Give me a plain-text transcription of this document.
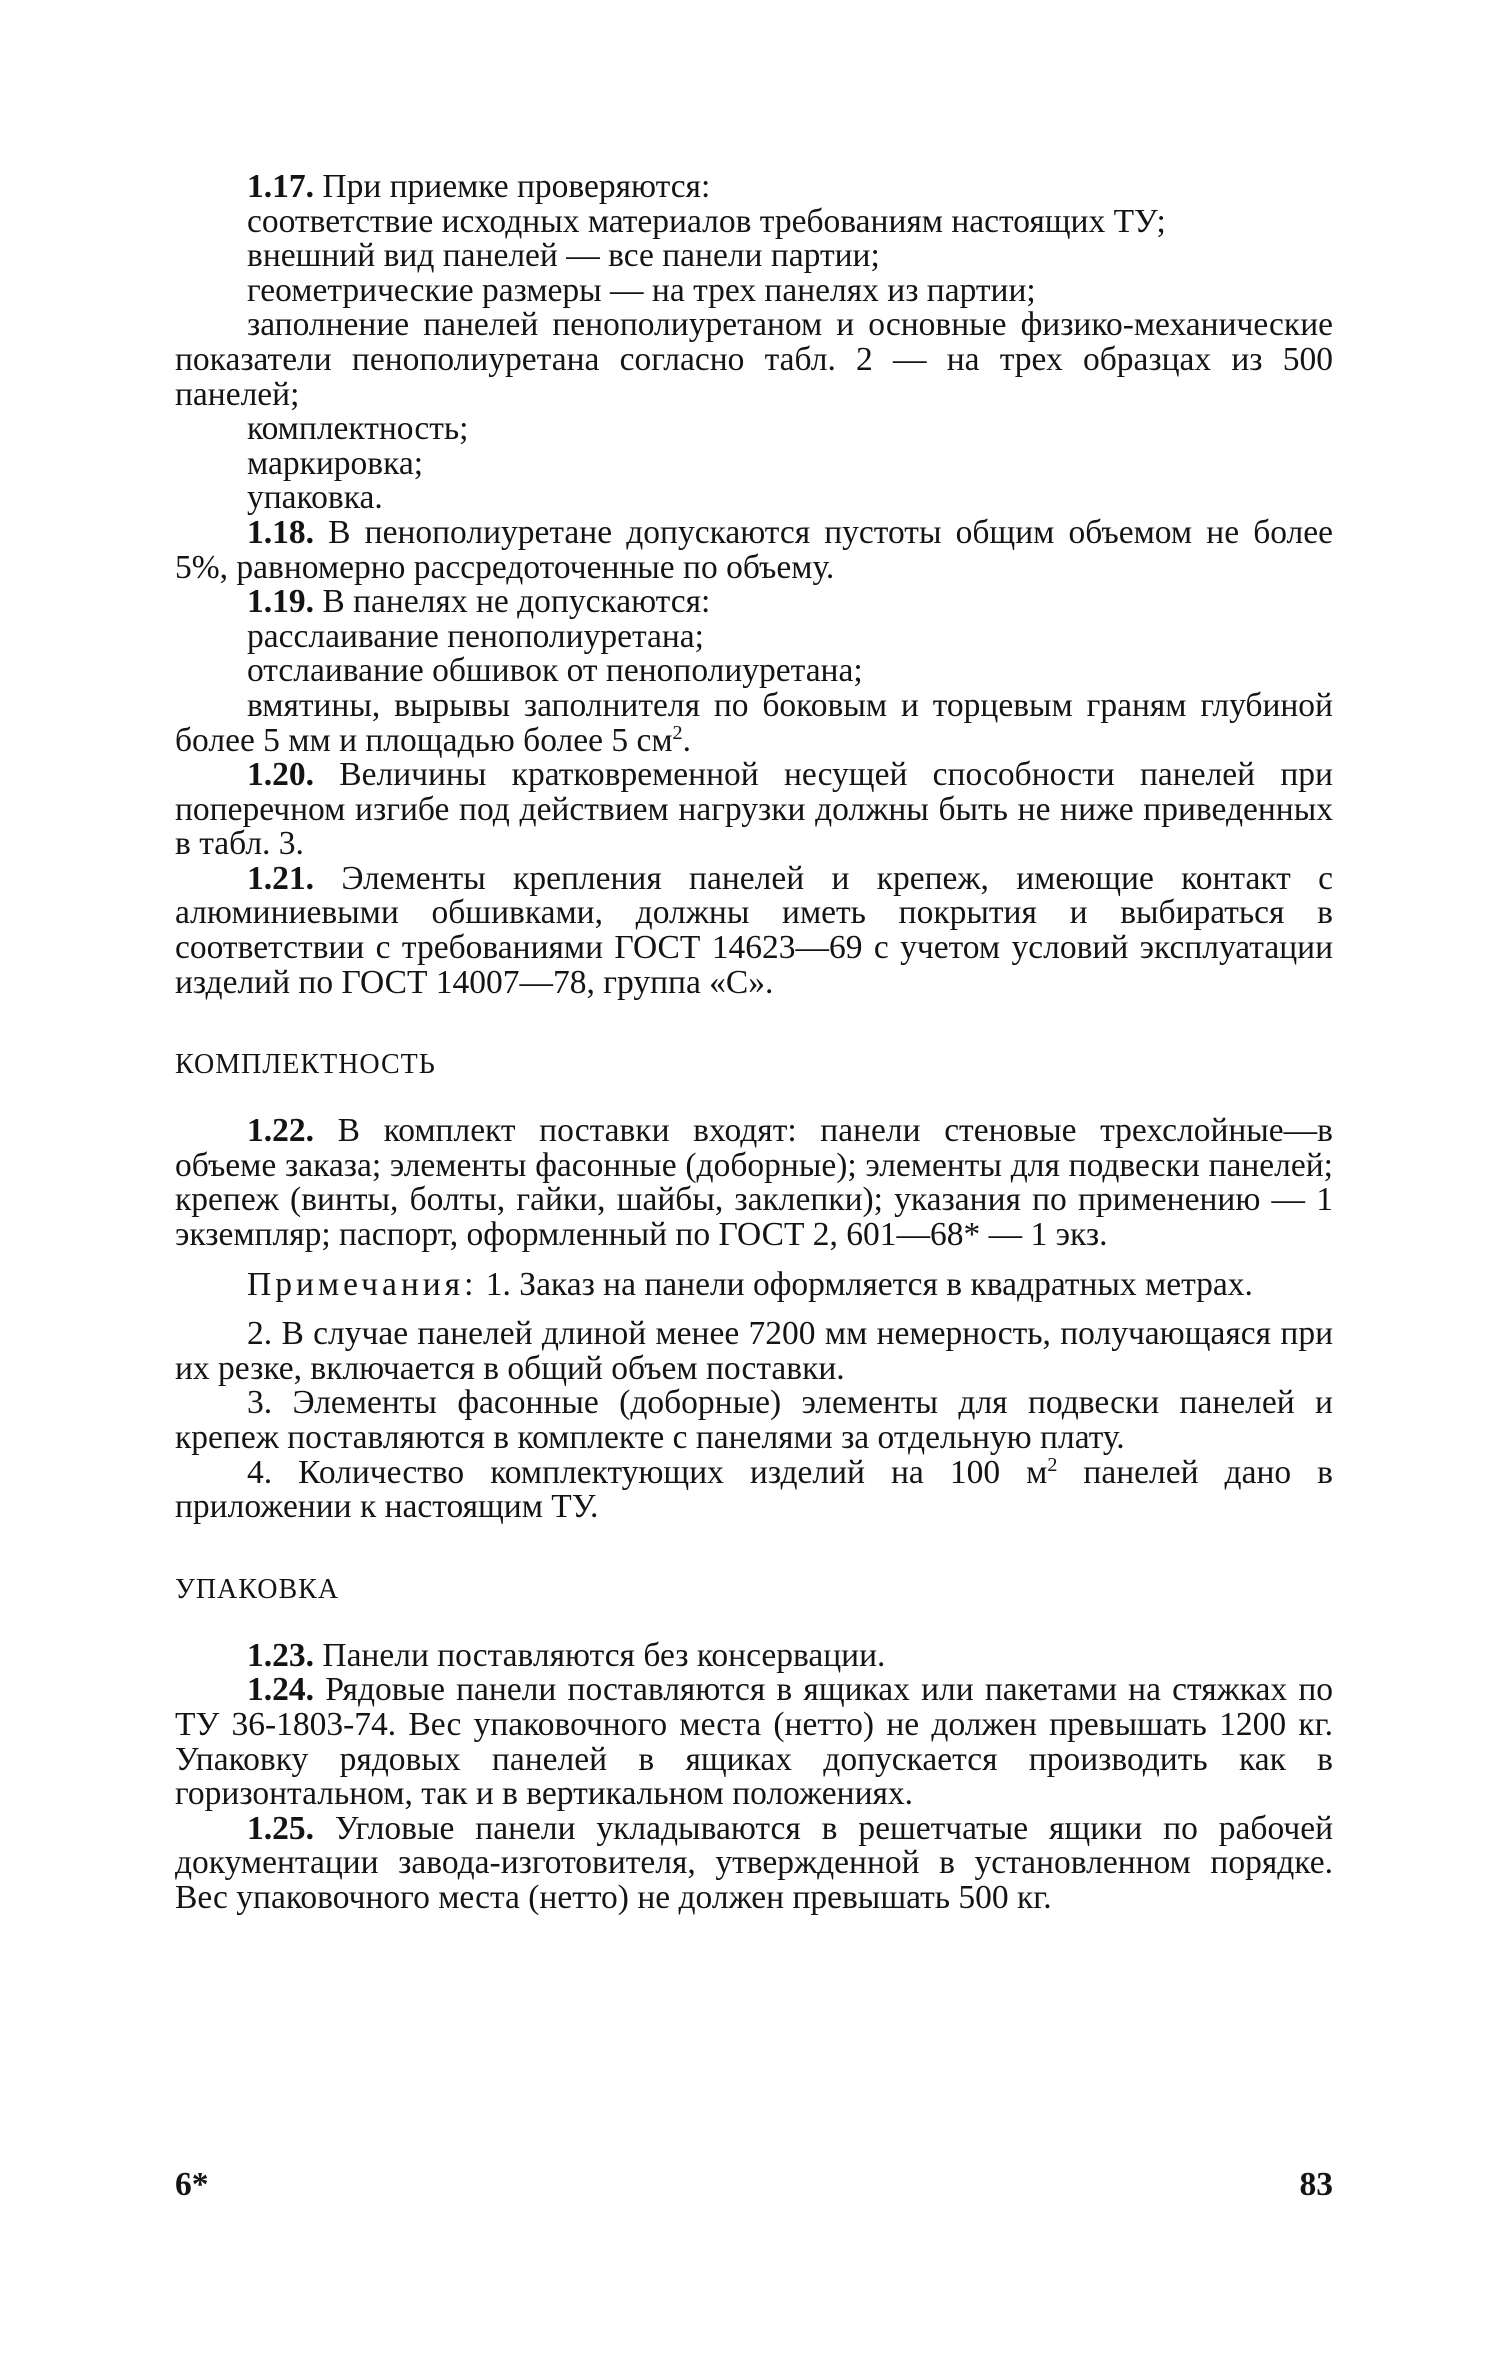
1.17. При приемке проверяются:

соответствие исходных материалов требованиям настоящих ТУ;

внешний вид панелей — все панели партии;

геометрические размеры — на трех панелях из партии;

заполнение панелей пенополиуретаном и основные физико-механические показатели пенополиуретана согласно табл. 2 — на трех образцах из 500 панелей;

комплектность;

маркировка;

упаковка.

1.18. В пенополиуретане допускаются пустоты общим объемом не более 5%, равномерно рассредоточенные по объему.

1.19. В панелях не допускаются:

расслаивание пенополиуретана;

отслаивание обшивок от пенополиуретана;

вмятины, вырывы заполнителя по боковым и торцевым граням глубиной более 5 мм и площадью более 5 $см^2$.

1.20. Величины кратковременной несущей способности панелей при поперечном изгибе под действием нагрузки должны быть не ниже приведенных в табл. 3.

1.21. Элементы крепления панелей и крепеж, имеющие контакт с алюминиевыми обшивками, должны иметь покрытия и выбираться в соответствии с требованиями ГОСТ 14623—69 с учетом условий эксплуатации изделий по ГОСТ 14007—78, группа «С».

КОМПЛЕКТНОСТЬ

1.22. В комплект поставки входят: панели стеновые трехслойные—в объеме заказа; элементы фасонные (доборные); элементы для подвески панелей; крепеж (винты, болты, гайки, шайбы, заклепки); указания по применению — 1 экземпляр; паспорт, оформленный по ГОСТ 2, 601—68* — 1 экз.

Примечания: 1. Заказ на панели оформляется в квадратных метрах.

2. В случае панелей длиной менее 7200 мм немерность, получающаяся при их резке, включается в общий объем поставки.

3. Элементы фасонные (доборные) элементы для подвески панелей и крепеж поставляются в комплекте с панелями за отдельную плату.

4. Количество комплектующих изделий на 100 $м^2$ панелей дано в приложении к настоящим ТУ.

УПАКОВКА

1.23. Панели поставляются без консервации.

1.24. Рядовые панели поставляются в ящиках или пакетами на стяжках по ТУ 36-1803-74. Вес упаковочного места (нетто) не должен превышать 1200 кг. Упаковку рядовых панелей в ящиках допускается производить как в горизонтальном, так и в вертикальном положениях.

1.25. Угловые панели укладываются в решетчатые ящики по рабочей документации завода-изготовителя, утвержденной в установленном порядке. Вес упаковочного места (нетто) не должен превышать 500 кг.

6*	83
